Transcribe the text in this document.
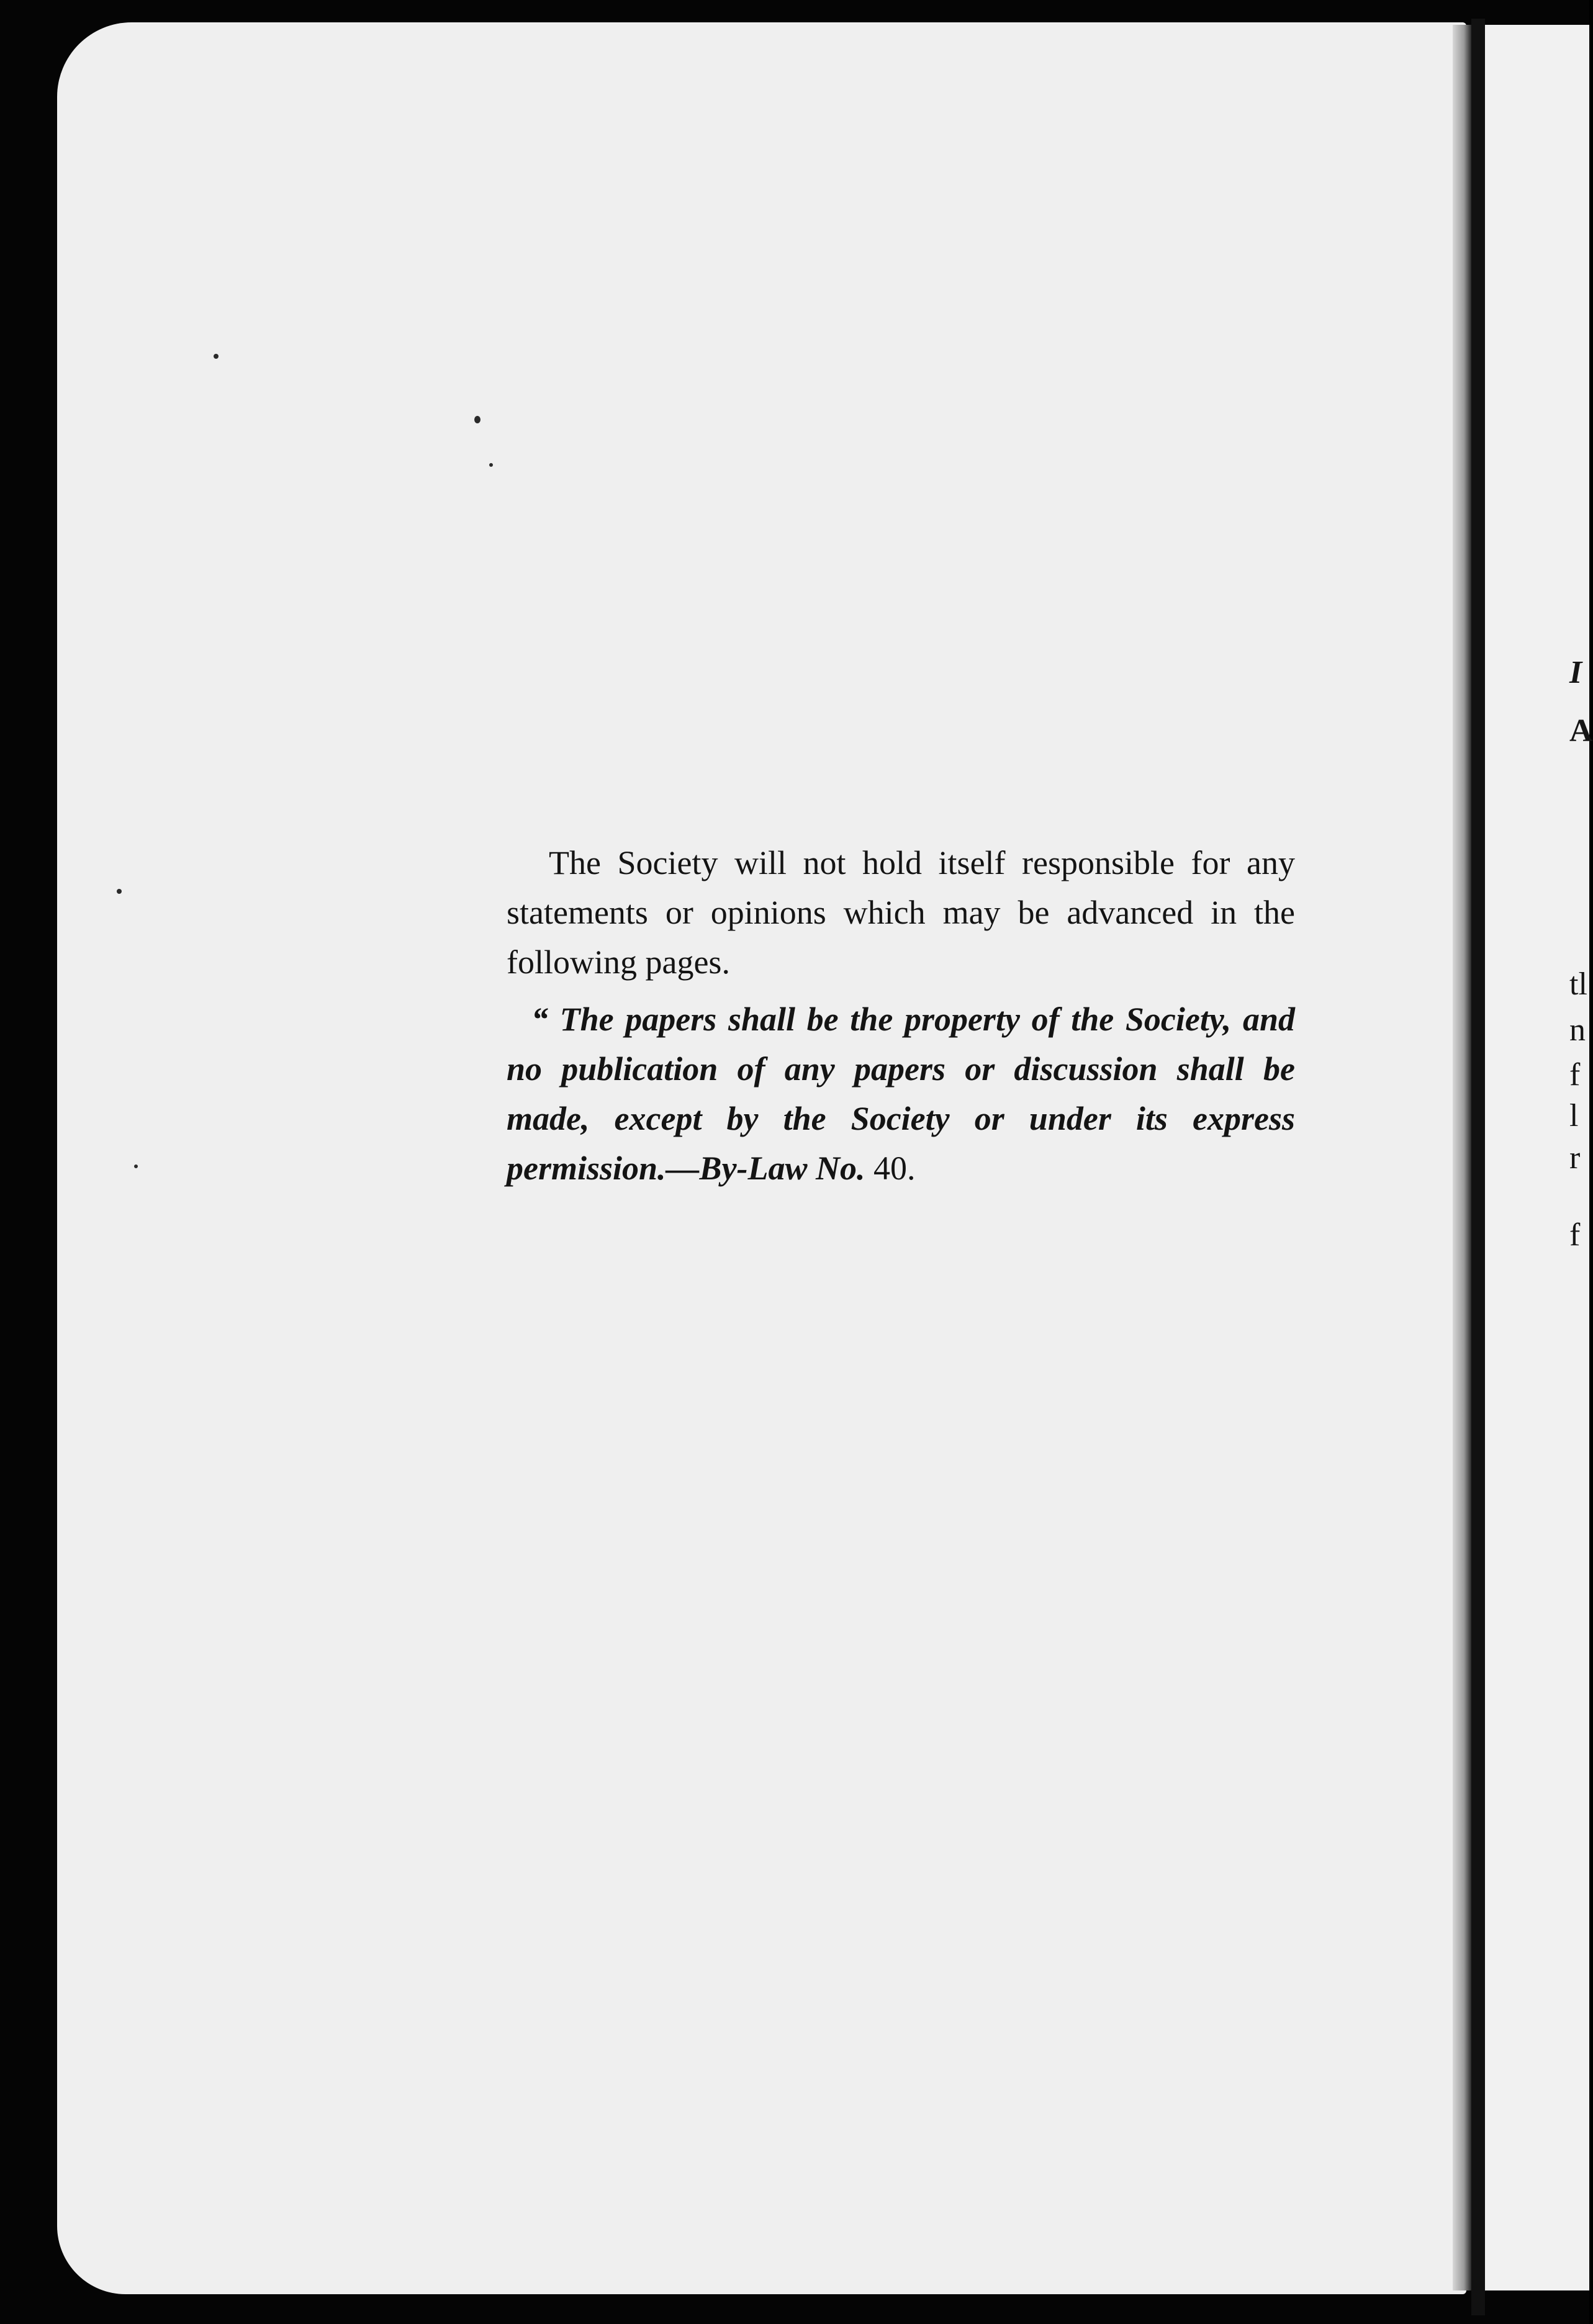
I
A
tl
n
f
l
r
f

The Society will not hold itself responsible for any statements or opinions which may be advanced in the following pages.

“ The papers shall be the property of the Society, and no publication of any papers or discussion shall be made, except by the Society or under its express permission.—By-Law No. 40.
